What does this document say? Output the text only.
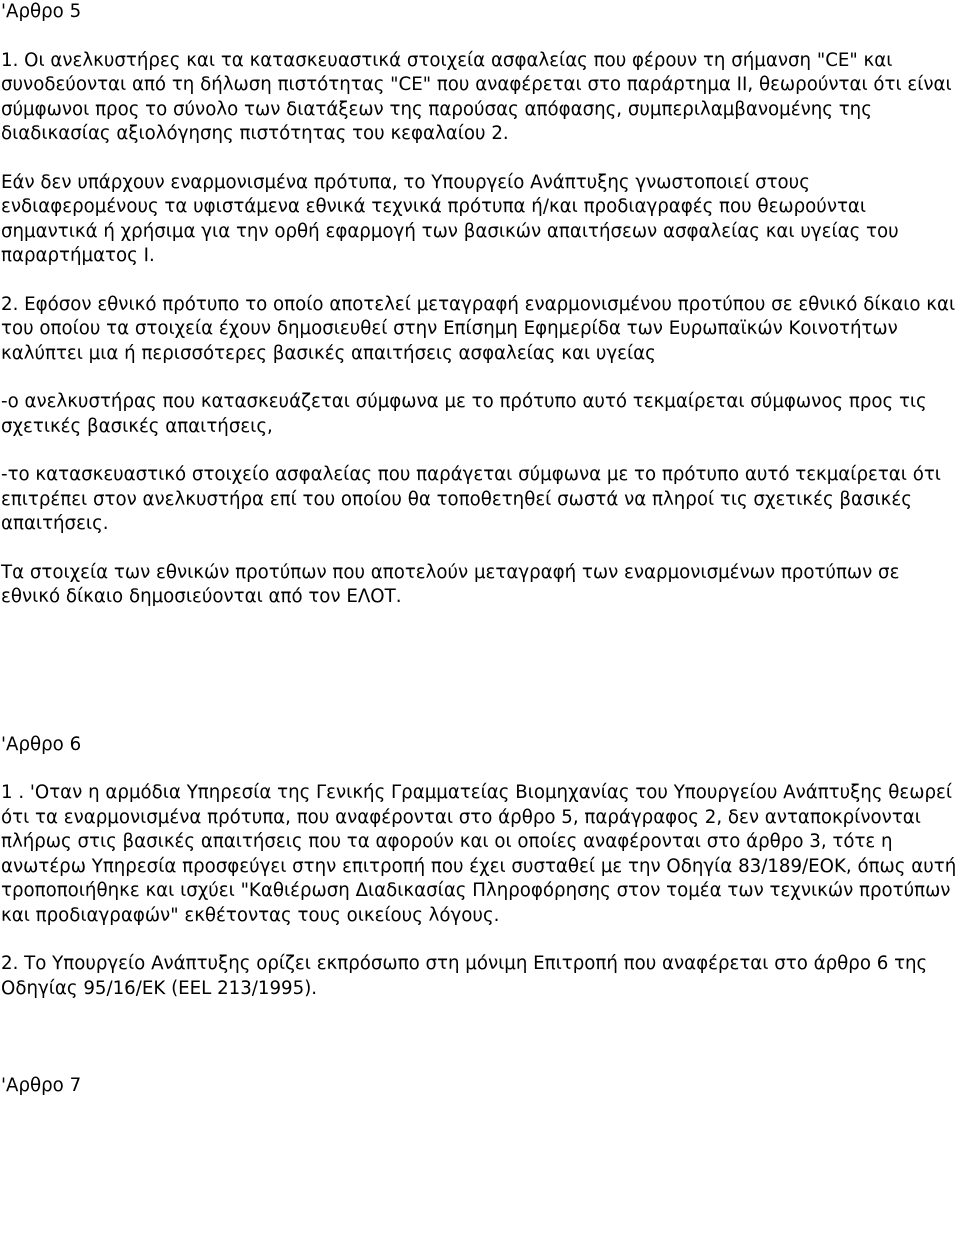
'Αρθρο 5

1. Οι ανελκυστήρες και τα κατασκευαστικά στοιχεία ασφαλείας που φέρουν τη σήμανση "CE" και συνοδεύονται από τη δήλωση πιστότητας "CE" που αναφέρεται στο παράρτημα ΙΙ, θεωρούνται ότι είναι σύμφωνοι προς το σύνολο των διατάξεων της παρούσας απόφασης, συμπεριλαμβανομένης της διαδικασίας αξιολόγησης πιστότητας του κεφαλαίου 2.

Εάν δεν υπάρχουν εναρμονισμένα πρότυπα, το Υπουργείο Ανάπτυξης γνωστοποιεί στους ενδιαφερομένους τα υφιστάμενα εθνικά τεχνικά πρότυπα ή/και προδιαγραφές που θεωρούνται σημαντικά ή χρήσιμα για την ορθή εφαρμογή των βασικών απαιτήσεων ασφαλείας και υγείας του παραρτήματος Ι.

2. Εφόσον εθνικό πρότυπο το οποίο αποτελεί μεταγραφή εναρμονισμένου προτύπου σε εθνικό δίκαιο και του οποίου τα στοιχεία έχουν δημοσιευθεί στην Επίσημη Εφημερίδα των Ευρωπαϊκών Κοινοτήτων καλύπτει μια ή περισσότερες βασικές απαιτήσεις ασφαλείας και υγείας

-ο ανελκυστήρας που κατασκευάζεται σύμφωνα με το πρότυπο αυτό τεκμαίρεται σύμφωνος προς τις σχετικές βασικές απαιτήσεις,

-το κατασκευαστικό στοιχείο ασφαλείας που παράγεται σύμφωνα με το πρότυπο αυτό τεκμαίρεται ότι επιτρέπει στον ανελκυστήρα επί του οποίου θα τοποθετηθεί σωστά να πληροί τις σχετικές βασικές απαιτήσεις.

Τα στοιχεία των εθνικών προτύπων που αποτελούν μεταγραφή των εναρμονισμένων προτύπων σε εθνικό δίκαιο δημοσιεύονται από τον ΕΛΟΤ.

'Αρθρο 6

1 . 'Οταν η αρμόδια Υπηρεσία της Γενικής Γραμματείας Βιομηχανίας του Υπουργείου Ανάπτυξης θεωρεί ότι τα εναρμονισμένα πρότυπα, που αναφέρονται στο άρθρο 5, παράγραφος 2, δεν ανταποκρίνονται πλήρως στις βασικές απαιτήσεις που τα αφορούν και οι οποίες αναφέρονται στο άρθρο 3, τότε η ανωτέρω Υπηρεσία προσφεύγει στην επιτροπή που έχει συσταθεί με την Οδηγία 83/189/ΕΟΚ, όπως αυτή τροποποιήθηκε και ισχύει "Καθιέρωση Διαδικασίας Πληροφόρησης στον τομέα των τεχνικών προτύπων και προδιαγραφών" εκθέτοντας τους οικείους λόγους.

2. Το Υπουργείο Ανάπτυξης ορίζει εκπρόσωπο στη μόνιμη Επιτροπή που αναφέρεται στο άρθρο 6 της Οδηγίας 95/16/ΕΚ (ΕΕL 213/1995).

'Αρθρο 7
